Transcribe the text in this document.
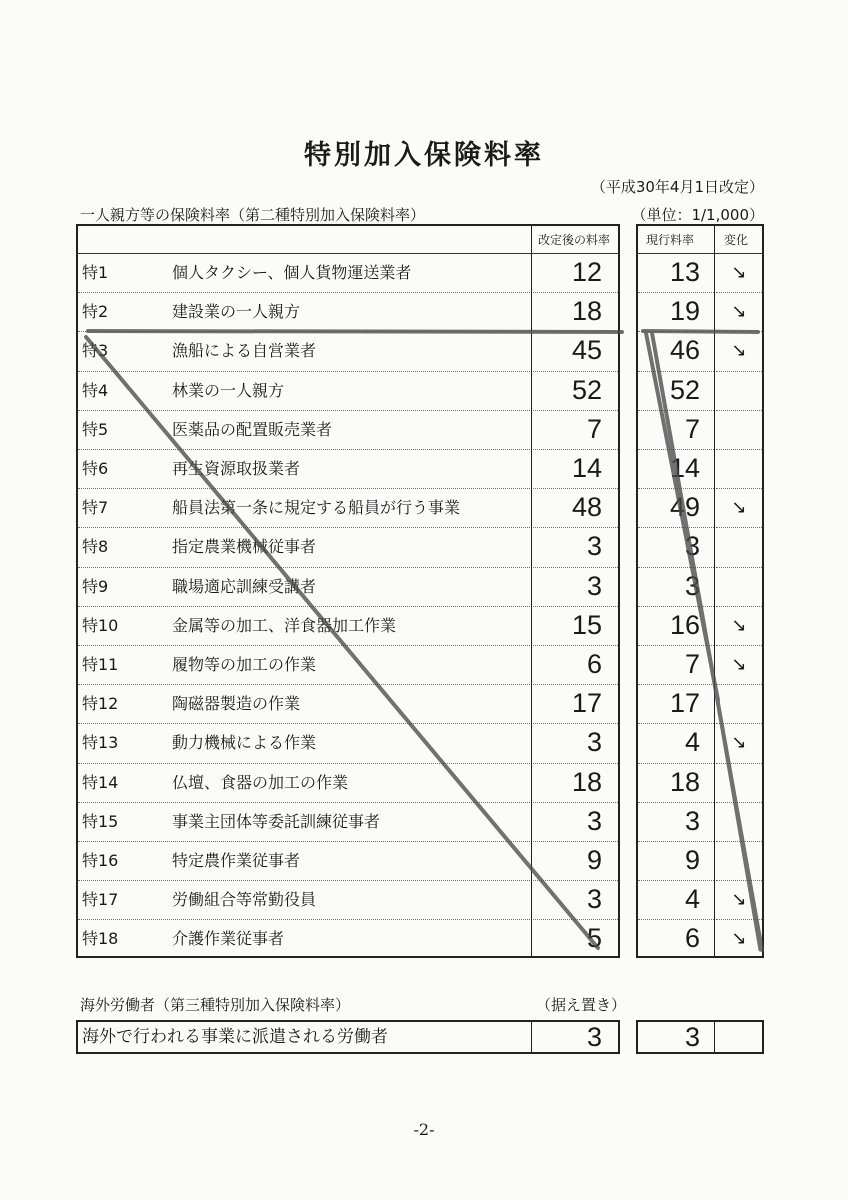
特別加入保険料率
（平成30年4月1日改定）
一人親方等の保険料率（第二種特別加入保険料率）	（単位：1/1,000）
改定後の料率	現行料率 変化
特1	個人タクシー、個人貨物運送業者	12	13	↘
特2	建設業の一人親方	18	19	↘
特3	漁船による自営業者	45	46	↘
特4	林業の一人親方	52	52
特5	医薬品の配置販売業者	7	7
特6	再生資源取扱業者	14	14
特7	船員法第一条に規定する船員が行う事業	48	49	↘
特8	指定農業機械従事者	3	3
特9	職場適応訓練受講者	3	3
特10	金属等の加工、洋食器加工作業	15	16	↘
特11	履物等の加工の作業	6	7	↘
特12	陶磁器製造の作業	17	17
特13	動力機械による作業	3	4	↘
特14	仏壇、食器の加工の作業	18	18
特15	事業主団体等委託訓練従事者	3	3
特16	特定農作業従事者	9	9
特17	労働組合等常勤役員	3	4	↘
特18	介護作業従事者	5	6	↘
海外労働者（第三種特別加入保険料率）	（据え置き）
海外で行われる事業に派遣される労働者	3	3
-2-
